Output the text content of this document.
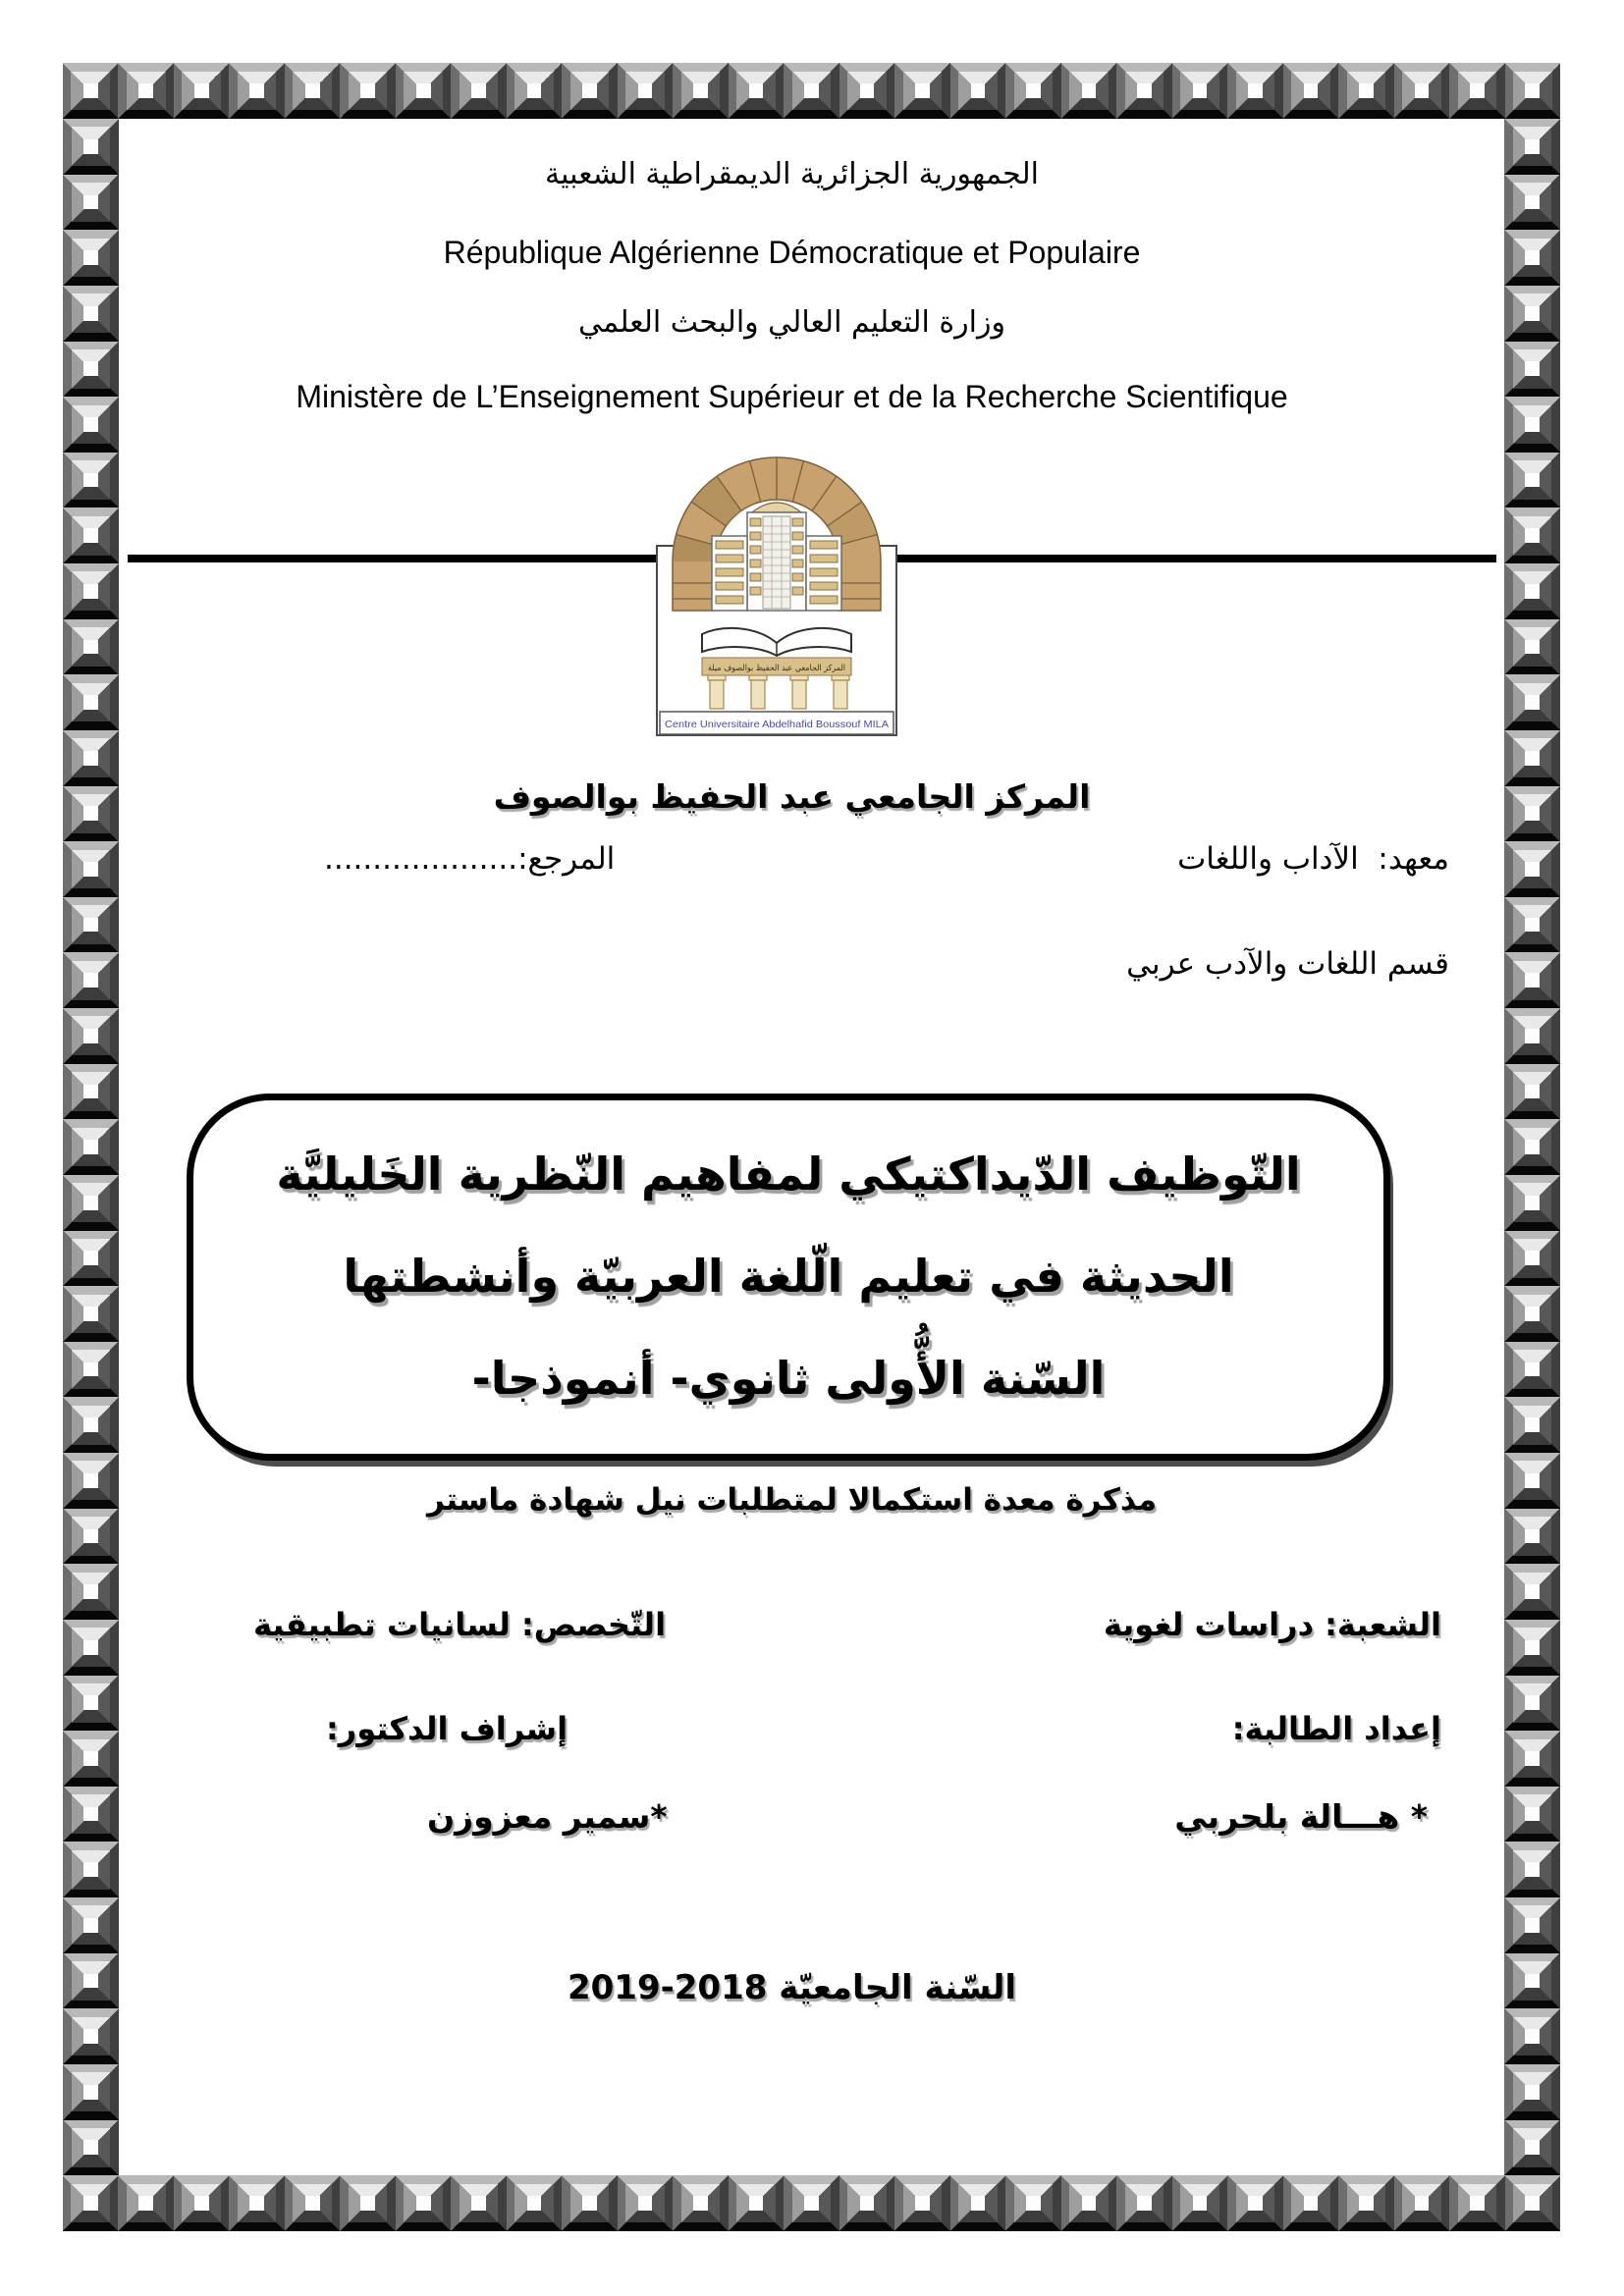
الجمهورية الجزائرية الديمقراطية الشعبية
République Algérienne Démocratique et Populaire
وزارة التعليم العالي والبحث العلمي
Ministère de L’Enseignement Supérieur et de la Recherche Scientifique
المركز الجامعي عبد الحفيظ بوالصوف ميلة
Centre Universitaire Abdelhafid Boussouf MILA
المركز الجامعي عبد الحفيظ بوالصوف
معهد:  الآداب واللغات
المرجع:....................
قسم اللغات والآدب عربي
التّوظيف الدّيداكتيكي لمفاهيم النّظرية الخَليليَّة
الحديثة في تعليم الّلغة العربيّة وأنشطتها
السّنة الأُّولى ثانوي- أنموذجا-
مذكرة معدة استكمالا لمتطلبات نيل شهادة ماستر
الشعبة: دراسات لغوية
التّخصص: لسانيات تطبيقية
إعداد الطالبة:
إشراف الدكتور:
* هـــالة بلحربي
*سمير معزوزن
السّنة الجامعيّة 2018-2019
